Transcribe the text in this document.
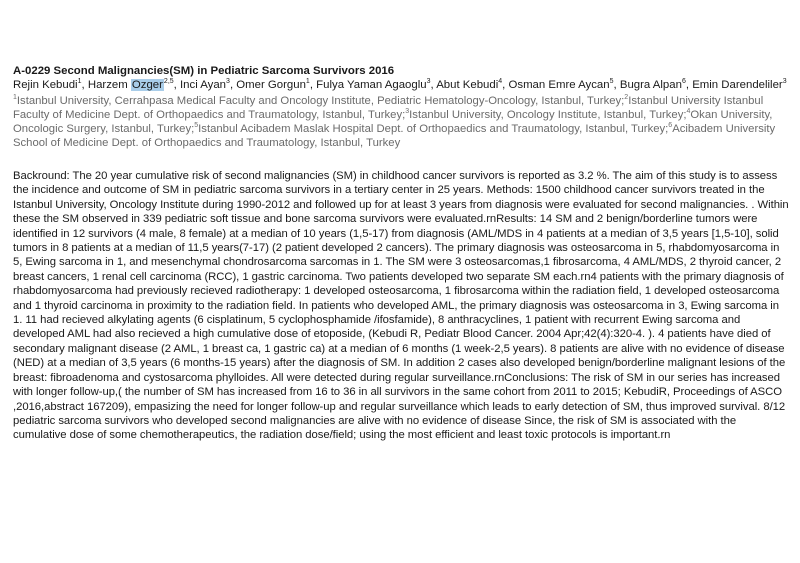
A-0229 Second Malignancies(SM) in Pediatric Sarcoma Survivors 2016

Rejin Kebudi$^1$, Harzem Ozger$^{2,5}$, Inci Ayan$^3$, Omer Gorgun$^1$, Fulya Yaman Agaoglu$^3$, Abut Kebudi$^4$, Osman Emre Aycan$^5$, Bugra Alpan$^6$, Emin Darendeliler$^3$

$^1$Istanbul University, Cerrahpasa Medical Faculty and Oncology Institute, Pediatric Hematology-Oncology, Istanbul, Turkey;$^2$Istanbul University Istanbul Faculty of Medicine Dept. of Orthopaedics and Traumatology, Istanbul, Turkey;$^3$Istanbul University, Oncology Institute, Istanbul, Turkey;$^4$Okan University, Oncologic Surgery, Istanbul, Turkey;$^5$Istanbul Acibadem Maslak Hospital Dept. of Orthopaedics and Traumatology, Istanbul, Turkey;$^6$Acibadem University School of Medicine Dept. of Orthopaedics and Traumatology, Istanbul, Turkey

Backround: The 20 year cumulative risk of second malignancies (SM) in childhood cancer survivors is reported as 3.2 %. The aim of this study is to assess the incidence and outcome of SM in pediatric sarcoma survivors in a tertiary center in 25 years. Methods: 1500 childhood cancer survivors treated in the Istanbul University, Oncology Institute during 1990-2012 and followed up for at least 3 years from diagnosis were evaluated for second malignancies. . Within these the SM observed in 339 pediatric soft tissue and bone sarcoma survivors were evaluated.rnResults: 14 SM and 2 benign/borderline tumors were identified in 12 survivors (4 male, 8 female) at a median of 10 years (1,5-17) from diagnosis (AML/MDS in 4 patients at a median of 3,5 years [1,5-10], solid tumors in 8 patients at a median of 11,5 years(7-17) (2 patient developed 2 cancers). The primary diagnosis was osteosarcoma in 5, rhabdomyosarcoma in 5, Ewing sarcoma in 1, and mesenchymal chondrosarcoma sarcomas in 1. The SM were 3 osteosarcomas,1 fibrosarcoma, 4 AML/MDS, 2 thyroid cancer, 2 breast cancers, 1 renal cell carcinoma (RCC), 1 gastric carcinoma. Two patients developed two separate SM each.rn4 patients with the primary diagnosis of rhabdomyosarcoma had previously recieved radiotherapy: 1 developed osteosarcoma, 1 fibrosarcoma within the radiation field, 1 developed osteosarcoma and 1 thyroid carcinoma in proximity to the radiation field. In patients who developed AML, the primary diagnosis was osteosarcoma in 3, Ewing sarcoma in 1. 11 had recieved alkylating agents (6 cisplatinum, 5 cyclophosphamide /ifosfamide), 8 anthracyclines, 1 patient with recurrent Ewing sarcoma and developed AML had also recieved a high cumulative dose of etoposide, (Kebudi R, Pediatr Blood Cancer. 2004 Apr;42(4):320-4. ). 4 patients have died of secondary malignant disease (2 AML, 1 breast ca, 1 gastric ca) at a median of 6 months (1 week-2,5 years). 8 patients are alive with no evidence of disease (NED) at a median of 3,5 years (6 months-15 years) after the diagnosis of SM. In addition 2 cases also developed benign/borderline malignant lesions of the breast: fibroadenoma and cystosarcoma phylloides. All were detected during regular surveillance.rnConclusions: The risk of SM in our series has increased with longer follow-up,( the number of SM has increased from 16 to 36 in all survivors in the same cohort from 2011 to 2015; KebudiR, Proceedings of ASCO ,2016,abstract 167209), empasizing the need for longer follow-up and regular surveillance which leads to early detection of SM, thus improved survival. 8/12 pediatric sarcoma survivors who developed second malignancies are alive with no evidence of disease Since, the risk of SM is associated with the cumulative dose of some chemotherapeutics, the radiation dose/field; using the most efficient and least toxic protocols is important.rn
